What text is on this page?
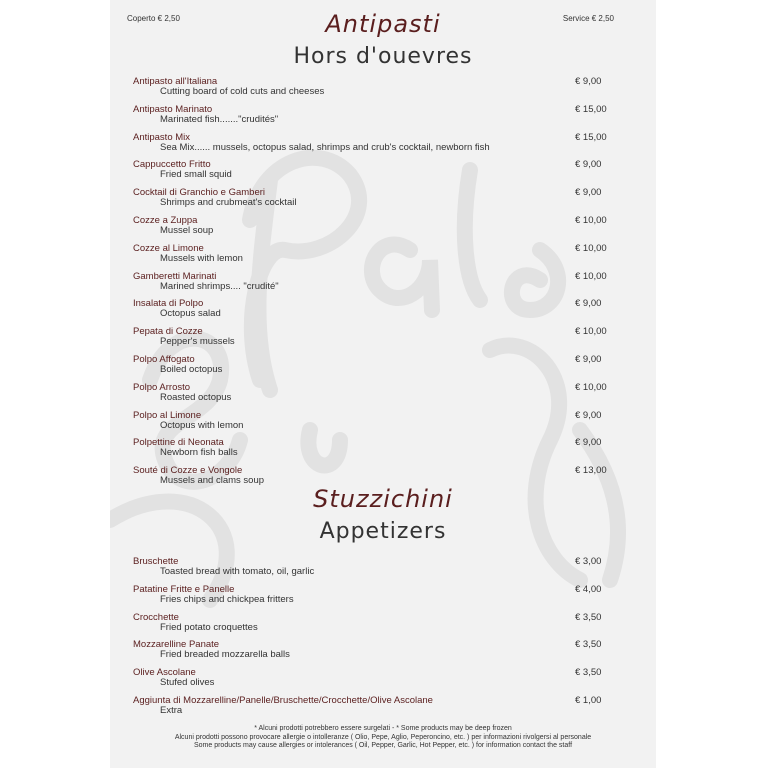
Coperto € 2,50	Service € 2,50
Antipasti
Hors d'ouevres
Antipasto all'Italiana
Cutting board of cold cuts and cheeses
€ 9,00
Antipasto Marinato
Marinated fish......."crudités"
€ 15,00
Antipasto Mix
Sea Mix...... mussels, octopus salad, shrimps and crub's cocktail, newborn fish
€ 15,00
Cappuccetto Fritto
Fried small squid
€ 9,00
Cocktail di Granchio e Gamberi
Shrimps and crubmeat's cocktail
€ 9,00
Cozze a Zuppa
Mussel soup
€ 10,00
Cozze al Limone
Mussels with lemon
€ 10,00
Gamberetti Marinati
Marined shrimps.... "crudité"
€ 10,00
Insalata di Polpo
Octopus salad
€ 9,00
Pepata di Cozze
Pepper's mussels
€ 10,00
Polpo Affogato
Boiled octopus
€ 9,00
Polpo Arrosto
Roasted octopus
€ 10,00
Polpo al Limone
Octopus with lemon
€ 9,00
Polpettine di Neonata
Newborn fish balls
€ 9,00
Souté di Cozze e Vongole
Mussels and clams soup
€ 13,00
Stuzzichini
Appetizers
Bruschette
Toasted bread with tomato, oil, garlic
€ 3,00
Patatine Fritte e Panelle
Fries chips and chickpea fritters
€ 4,00
Crocchette
Fried potato croquettes
€ 3,50
Mozzarelline Panate
Fried breaded mozzarella balls
€ 3,50
Olive Ascolane
Stufed olives
€ 3,50
Aggiunta di Mozzarelline/Panelle/Bruschette/Crocchette/Olive Ascolane
Extra
€ 1,00
* Alcuni prodotti potrebbero essere surgelati - * Some products may be deep frozen
Alcuni prodotti possono provocare allergie o intolleranze ( Olio, Pepe, Aglio, Peperoncino, etc. ) per informazioni rivolgersi al personale
Some products may cause allergies or intolerances ( Oil, Pepper, Garlic, Hot Pepper, etc. ) for information contact the staff
